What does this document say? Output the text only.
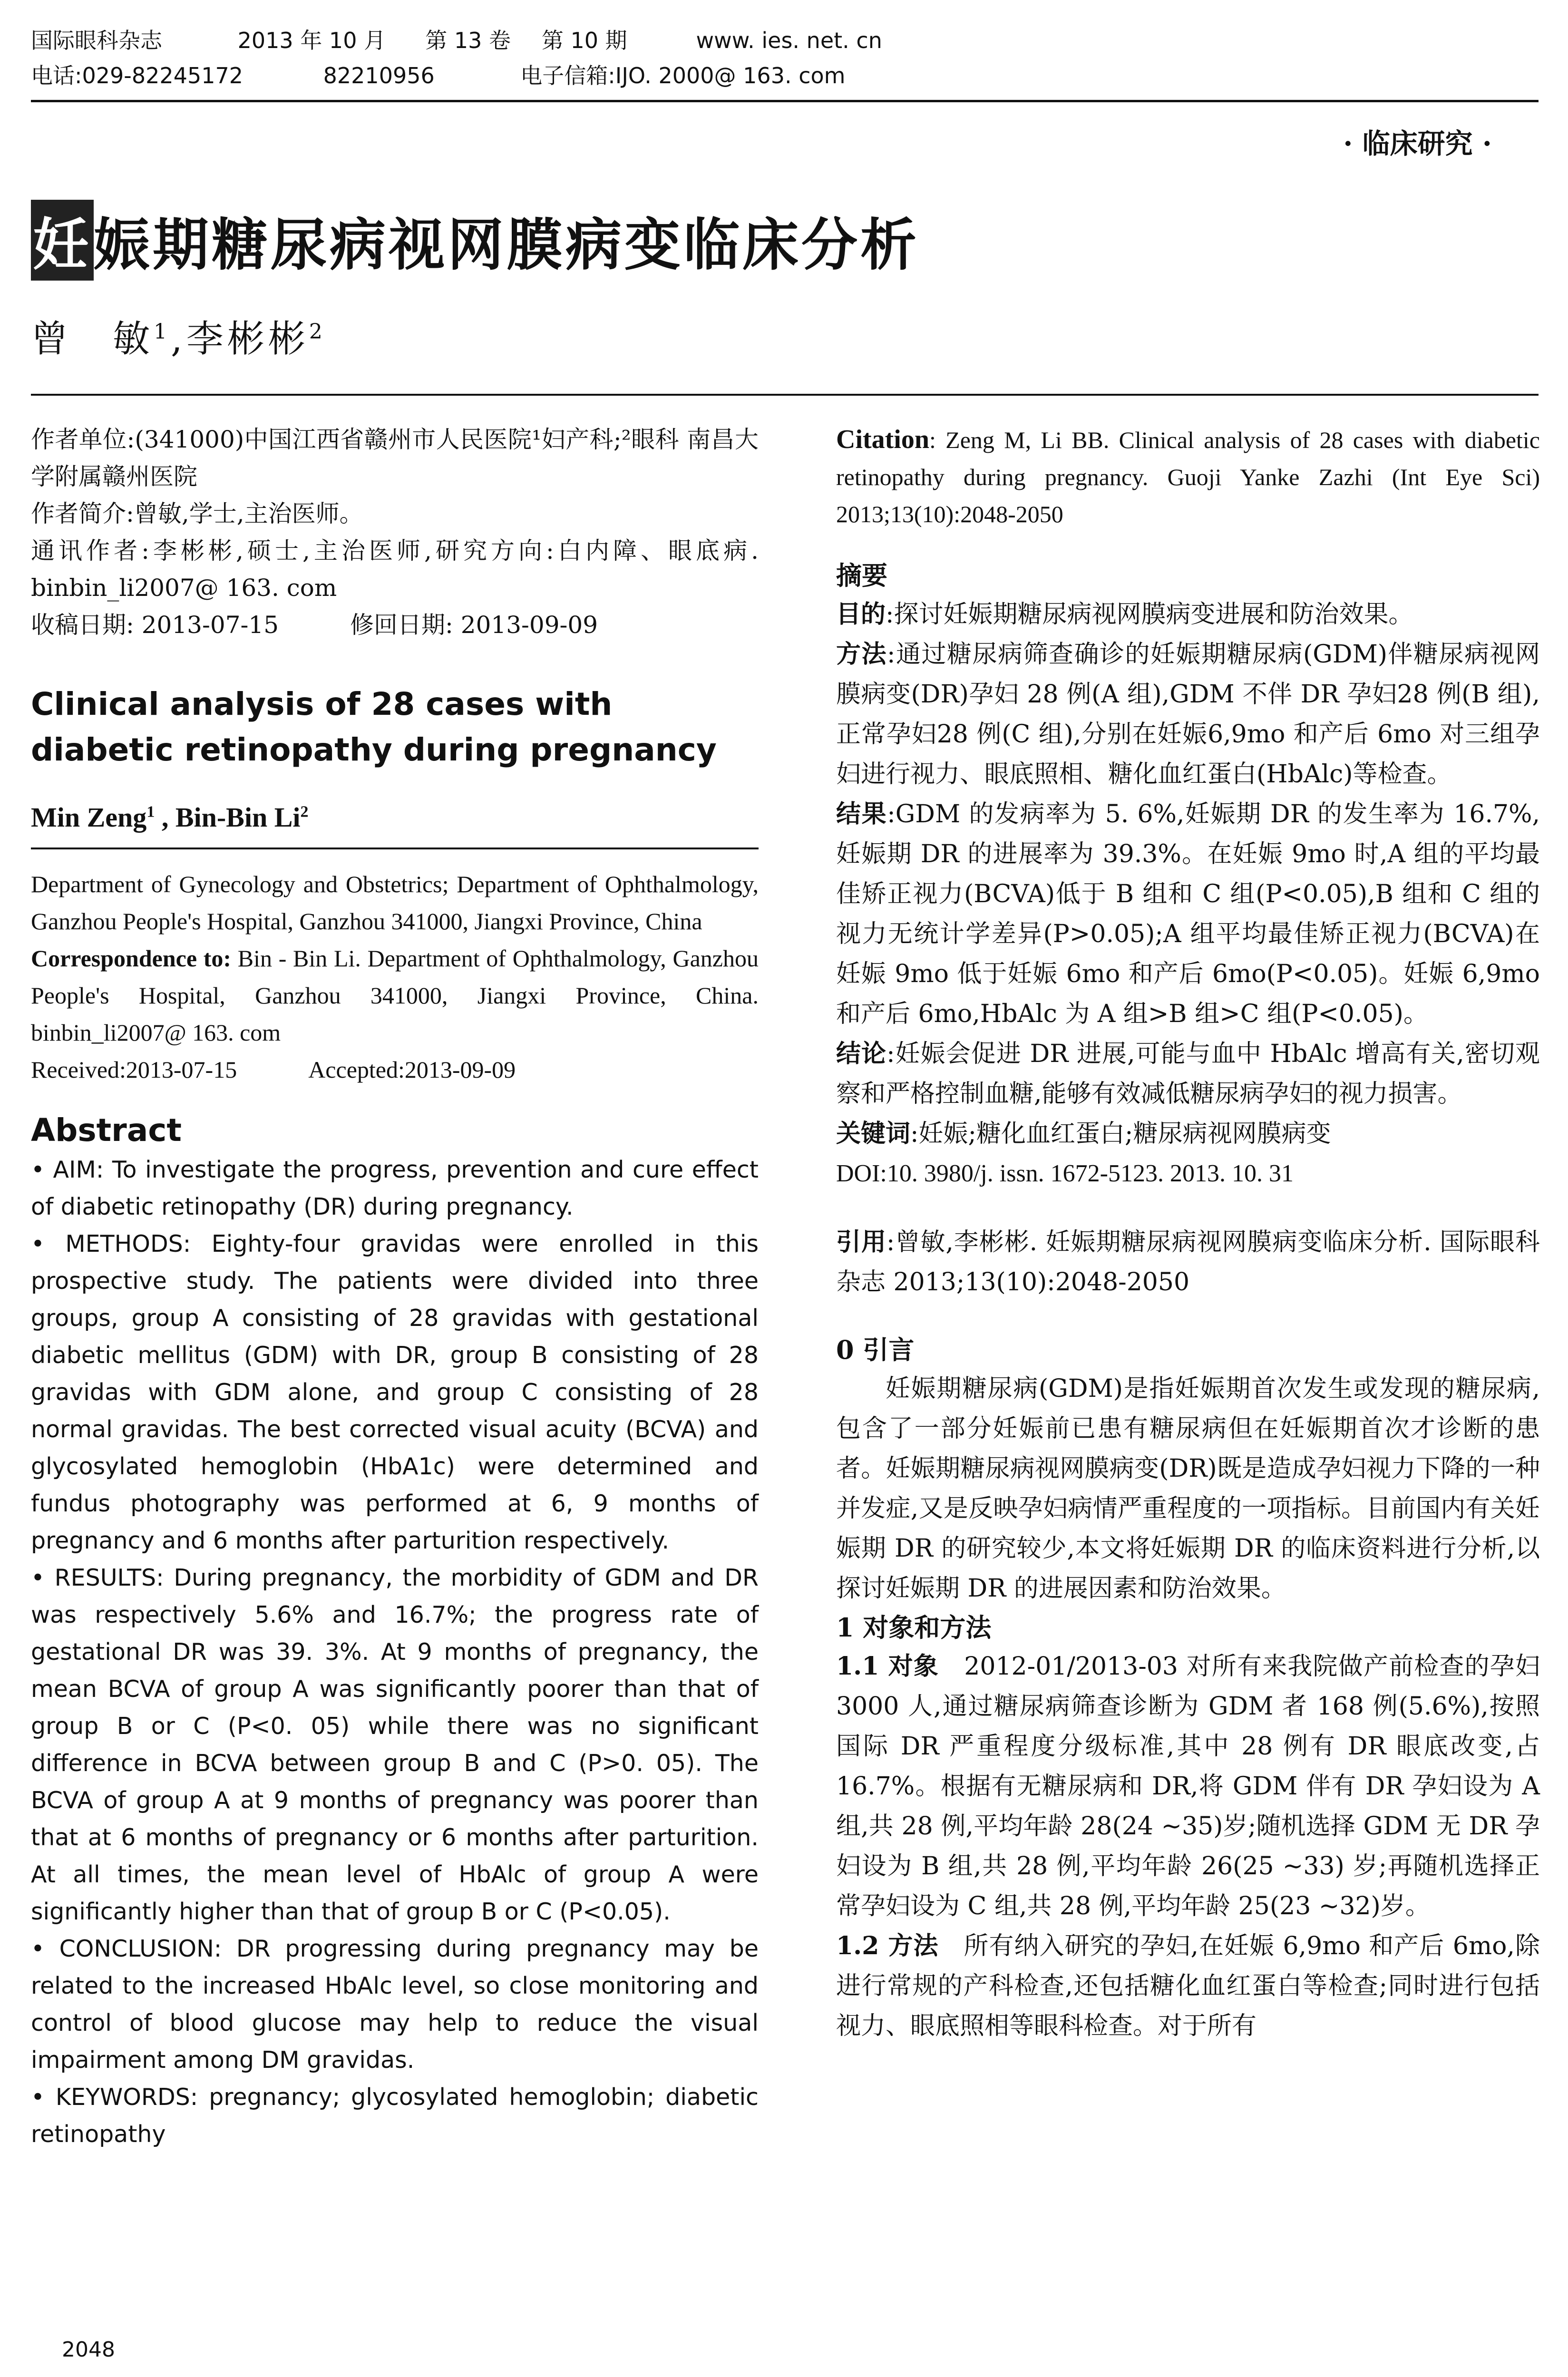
国际眼科杂志	2013 年 10 月 第 13 卷 第 10 期	www. ies. net. cn
电话:029-82245172	82210956	电子信箱:IJO. 2000@ 163. com
· 临床研究 ·
妊娠期糖尿病视网膜病变临床分析
曾　敏$^1$,李彬彬$^2$

作者单位:(341000)中国江西省赣州市人民医院¹妇产科;²眼科 南昌大学附属赣州医院

作者简介:曾敏,学士,主治医师。

通讯作者:李彬彬,硕士,主治医师,研究方向:白内障、眼底病. binbin_li2007@ 163. com

收稿日期: 2013-07-15　　　修回日期: 2013-09-09

Clinical analysis of 28 cases with diabetic retinopathy during pregnancy

Min Zeng$^1$ , Bin-Bin Li$^2$

Department of Gynecology and Obstetrics; Department of Ophthalmology, Ganzhou People's Hospital, Ganzhou 341000, Jiangxi Province, China

Correspondence to: Bin - Bin Li. Department of Ophthalmology, Ganzhou People's Hospital, Ganzhou 341000, Jiangxi Province, China. binbin_li2007@ 163. com

Received:2013-07-15　　　Accepted:2013-09-09

Abstract

• AIM: To investigate the progress, prevention and cure effect of diabetic retinopathy (DR) during pregnancy.

• METHODS: Eighty-four gravidas were enrolled in this prospective study. The patients were divided into three groups, group A consisting of 28 gravidas with gestational diabetic mellitus (GDM) with DR, group B consisting of 28 gravidas with GDM alone, and group C consisting of 28 normal gravidas. The best corrected visual acuity (BCVA) and glycosylated hemoglobin (HbA1c) were determined and fundus photography was performed at 6, 9 months of pregnancy and 6 months after parturition respectively.

• RESULTS: During pregnancy, the morbidity of GDM and DR was respectively 5.6% and 16.7%; the progress rate of gestational DR was 39. 3%. At 9 months of pregnancy, the mean BCVA of group A was significantly poorer than that of group B or C (P<0. 05) while there was no significant difference in BCVA between group B and C (P>0. 05). The BCVA of group A at 9 months of pregnancy was poorer than that at 6 months of pregnancy or 6 months after parturition. At all times, the mean level of HbAlc of group A were significantly higher than that of group B or C (P<0.05).

• CONCLUSION: DR progressing during pregnancy may be related to the increased HbAlc level, so close monitoring and control of blood glucose may help to reduce the visual impairment among DM gravidas.

• KEYWORDS: pregnancy; glycosylated hemoglobin; diabetic retinopathy

Citation: Zeng M, Li BB. Clinical analysis of 28 cases with diabetic retinopathy during pregnancy. Guoji Yanke Zazhi (Int Eye Sci) 2013;13(10):2048-2050

摘要

目的:探讨妊娠期糖尿病视网膜病变进展和防治效果。

方法:通过糖尿病筛查确诊的妊娠期糖尿病(GDM)伴糖尿病视网膜病变(DR)孕妇 28 例(A 组),GDM 不伴 DR 孕妇28 例(B 组),正常孕妇28 例(C 组),分别在妊娠6,9mo 和产后 6mo 对三组孕妇进行视力、眼底照相、糖化血红蛋白(HbAlc)等检查。

结果:GDM 的发病率为 5. 6%,妊娠期 DR 的发生率为 16.7%,妊娠期 DR 的进展率为 39.3%。在妊娠 9mo 时,A 组的平均最佳矫正视力(BCVA)低于 B 组和 C 组(P<0.05),B 组和 C 组的视力无统计学差异(P>0.05);A 组平均最佳矫正视力(BCVA)在妊娠 9mo 低于妊娠 6mo 和产后 6mo(P<0.05)。妊娠 6,9mo 和产后 6mo,HbAlc 为 A 组>B 组>C 组(P<0.05)。

结论:妊娠会促进 DR 进展,可能与血中 HbAlc 增高有关,密切观察和严格控制血糖,能够有效减低糖尿病孕妇的视力损害。

关键词:妊娠;糖化血红蛋白;糖尿病视网膜病变

DOI:10. 3980/j. issn. 1672-5123. 2013. 10. 31

引用:曾敏,李彬彬. 妊娠期糖尿病视网膜病变临床分析. 国际眼科杂志 2013;13(10):2048-2050

0 引言

妊娠期糖尿病(GDM)是指妊娠期首次发生或发现的糖尿病,包含了一部分妊娠前已患有糖尿病但在妊娠期首次才诊断的患者。妊娠期糖尿病视网膜病变(DR)既是造成孕妇视力下降的一种并发症,又是反映孕妇病情严重程度的一项指标。目前国内有关妊娠期 DR 的研究较少,本文将妊娠期 DR 的临床资料进行分析,以探讨妊娠期 DR 的进展因素和防治效果。

1 对象和方法

1.1 对象　2012-01/2013-03 对所有来我院做产前检查的孕妇3000 人,通过糖尿病筛查诊断为 GDM 者 168 例(5.6%),按照国际 DR 严重程度分级标准,其中 28 例有 DR 眼底改变,占 16.7%。根据有无糖尿病和 DR,将 GDM 伴有 DR 孕妇设为 A 组,共 28 例,平均年龄 28(24 ~35)岁;随机选择 GDM 无 DR 孕妇设为 B 组,共 28 例,平均年龄 26(25 ~33) 岁;再随机选择正常孕妇设为 C 组,共 28 例,平均年龄 25(23 ~32)岁。

1.2 方法　所有纳入研究的孕妇,在妊娠 6,9mo 和产后 6mo,除进行常规的产科检查,还包括糖化血红蛋白等检查;同时进行包括视力、眼底照相等眼科检查。对于所有

2048
